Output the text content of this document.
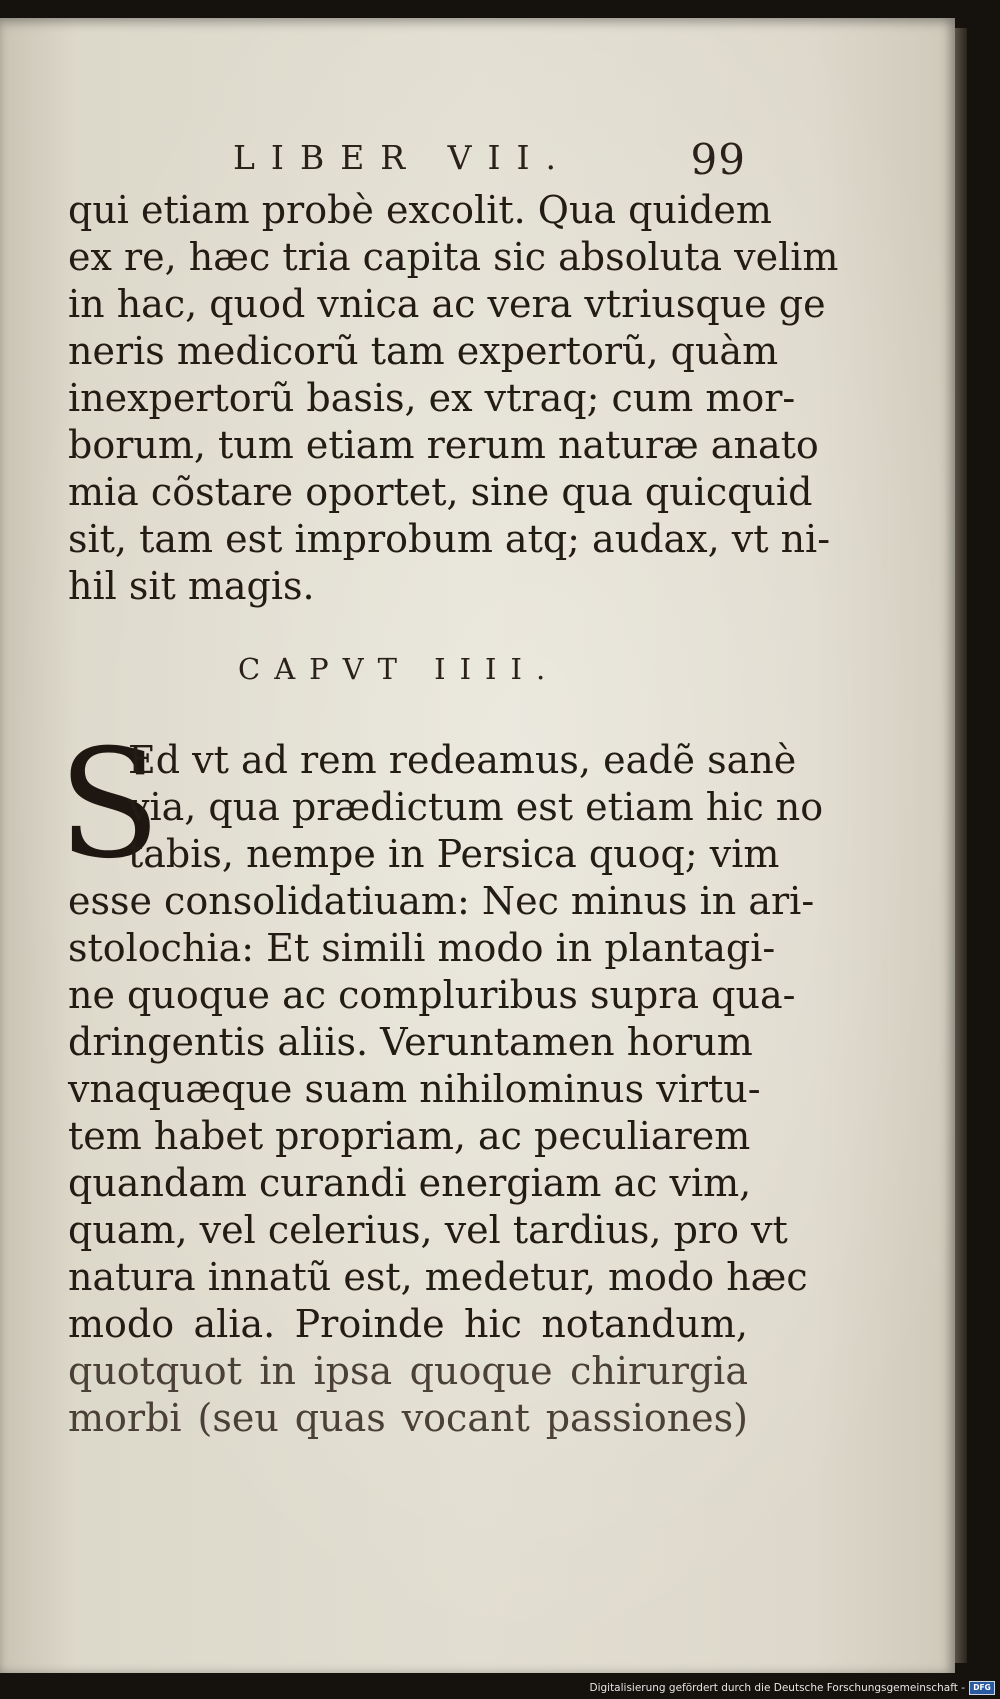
LIBER VII.	99
qui etiam probè excolit. Qua quidem
ex re, hæc tria capita sic absoluta velim
in hac, quod vnica ac vera vtriusque ge
neris medicorũ tam expertorũ, quàm
inexpertorũ basis, ex vtraq; cum mor-
borum, tum etiam rerum naturæ anato
mia cõstare oportet, sine qua quicquid
sit, tam est improbum atq; audax, vt ni-
hil sit magis.
CAPVT IIII.
S
Ed vt ad rem redeamus, eadẽ sanè
via, qua prædictum est etiam hic no
tabis, nempe in Persica quoq; vim
esse consolidatiuam: Nec minus in ari-
stolochia: Et simili modo in plantagi-
ne quoque ac compluribus supra qua-
dringentis aliis. Veruntamen horum
vnaquæque suam nihilominus virtu-
tem habet propriam, ac peculiarem
quandam curandi energiam ac vim,
quam, vel celerius, vel tardius, pro vt
natura innatũ est, medetur, modo hæc
modo alia. Proinde hic notandum,
quotquot in ipsa quoque chirurgia
morbi (seu quas vocant passiones)
Digitalisierung gefördert durch die Deutsche Forschungsgemeinschaft -	DFG
